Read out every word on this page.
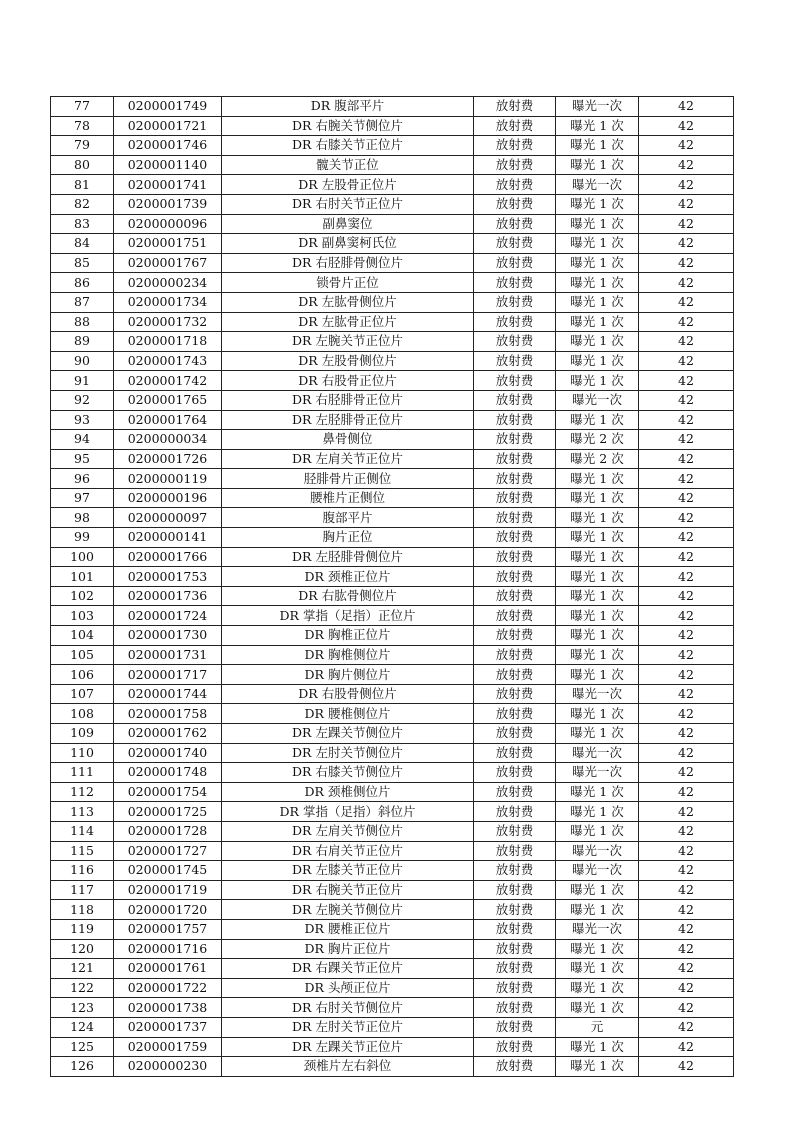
77	0200001749	DR 腹部平片	放射费	曝光一次	42
78	0200001721	DR 右腕关节侧位片	放射费	曝光 1 次	42
79	0200001746	DR 右膝关节正位片	放射费	曝光 1 次	42
80	0200001140	髋关节正位	放射费	曝光 1 次	42
81	0200001741	DR 左股骨正位片	放射费	曝光一次	42
82	0200001739	DR 右肘关节正位片	放射费	曝光 1 次	42
83	0200000096	副鼻窦位	放射费	曝光 1 次	42
84	0200001751	DR 副鼻窦柯氏位	放射费	曝光 1 次	42
85	0200001767	DR 右胫腓骨侧位片	放射费	曝光 1 次	42
86	0200000234	锁骨片正位	放射费	曝光 1 次	42
87	0200001734	DR 左肱骨侧位片	放射费	曝光 1 次	42
88	0200001732	DR 左肱骨正位片	放射费	曝光 1 次	42
89	0200001718	DR 左腕关节正位片	放射费	曝光 1 次	42
90	0200001743	DR 左股骨侧位片	放射费	曝光 1 次	42
91	0200001742	DR 右股骨正位片	放射费	曝光 1 次	42
92	0200001765	DR 右胫腓骨正位片	放射费	曝光一次	42
93	0200001764	DR 左胫腓骨正位片	放射费	曝光 1 次	42
94	0200000034	鼻骨侧位	放射费	曝光 2 次	42
95	0200001726	DR 左肩关节正位片	放射费	曝光 2 次	42
96	0200000119	胫腓骨片正侧位	放射费	曝光 1 次	42
97	0200000196	腰椎片正侧位	放射费	曝光 1 次	42
98	0200000097	腹部平片	放射费	曝光 1 次	42
99	0200000141	胸片正位	放射费	曝光 1 次	42
100	0200001766	DR 左胫腓骨侧位片	放射费	曝光 1 次	42
101	0200001753	DR 颈椎正位片	放射费	曝光 1 次	42
102	0200001736	DR 右肱骨侧位片	放射费	曝光 1 次	42
103	0200001724	DR 掌指（足指）正位片	放射费	曝光 1 次	42
104	0200001730	DR 胸椎正位片	放射费	曝光 1 次	42
105	0200001731	DR 胸椎侧位片	放射费	曝光 1 次	42
106	0200001717	DR 胸片侧位片	放射费	曝光 1 次	42
107	0200001744	DR 右股骨侧位片	放射费	曝光一次	42
108	0200001758	DR 腰椎侧位片	放射费	曝光 1 次	42
109	0200001762	DR 左踝关节侧位片	放射费	曝光 1 次	42
110	0200001740	DR 左肘关节侧位片	放射费	曝光一次	42
111	0200001748	DR 右膝关节侧位片	放射费	曝光一次	42
112	0200001754	DR 颈椎侧位片	放射费	曝光 1 次	42
113	0200001725	DR 掌指（足指）斜位片	放射费	曝光 1 次	42
114	0200001728	DR 左肩关节侧位片	放射费	曝光 1 次	42
115	0200001727	DR 右肩关节正位片	放射费	曝光一次	42
116	0200001745	DR 左膝关节正位片	放射费	曝光一次	42
117	0200001719	DR 右腕关节正位片	放射费	曝光 1 次	42
118	0200001720	DR 左腕关节侧位片	放射费	曝光 1 次	42
119	0200001757	DR 腰椎正位片	放射费	曝光一次	42
120	0200001716	DR 胸片正位片	放射费	曝光 1 次	42
121	0200001761	DR 右踝关节正位片	放射费	曝光 1 次	42
122	0200001722	DR 头颅正位片	放射费	曝光 1 次	42
123	0200001738	DR 右肘关节侧位片	放射费	曝光 1 次	42
124	0200001737	DR 左肘关节正位片	放射费	元	42
125	0200001759	DR 左踝关节正位片	放射费	曝光 1 次	42
126	0200000230	颈椎片左右斜位	放射费	曝光 1 次	42
